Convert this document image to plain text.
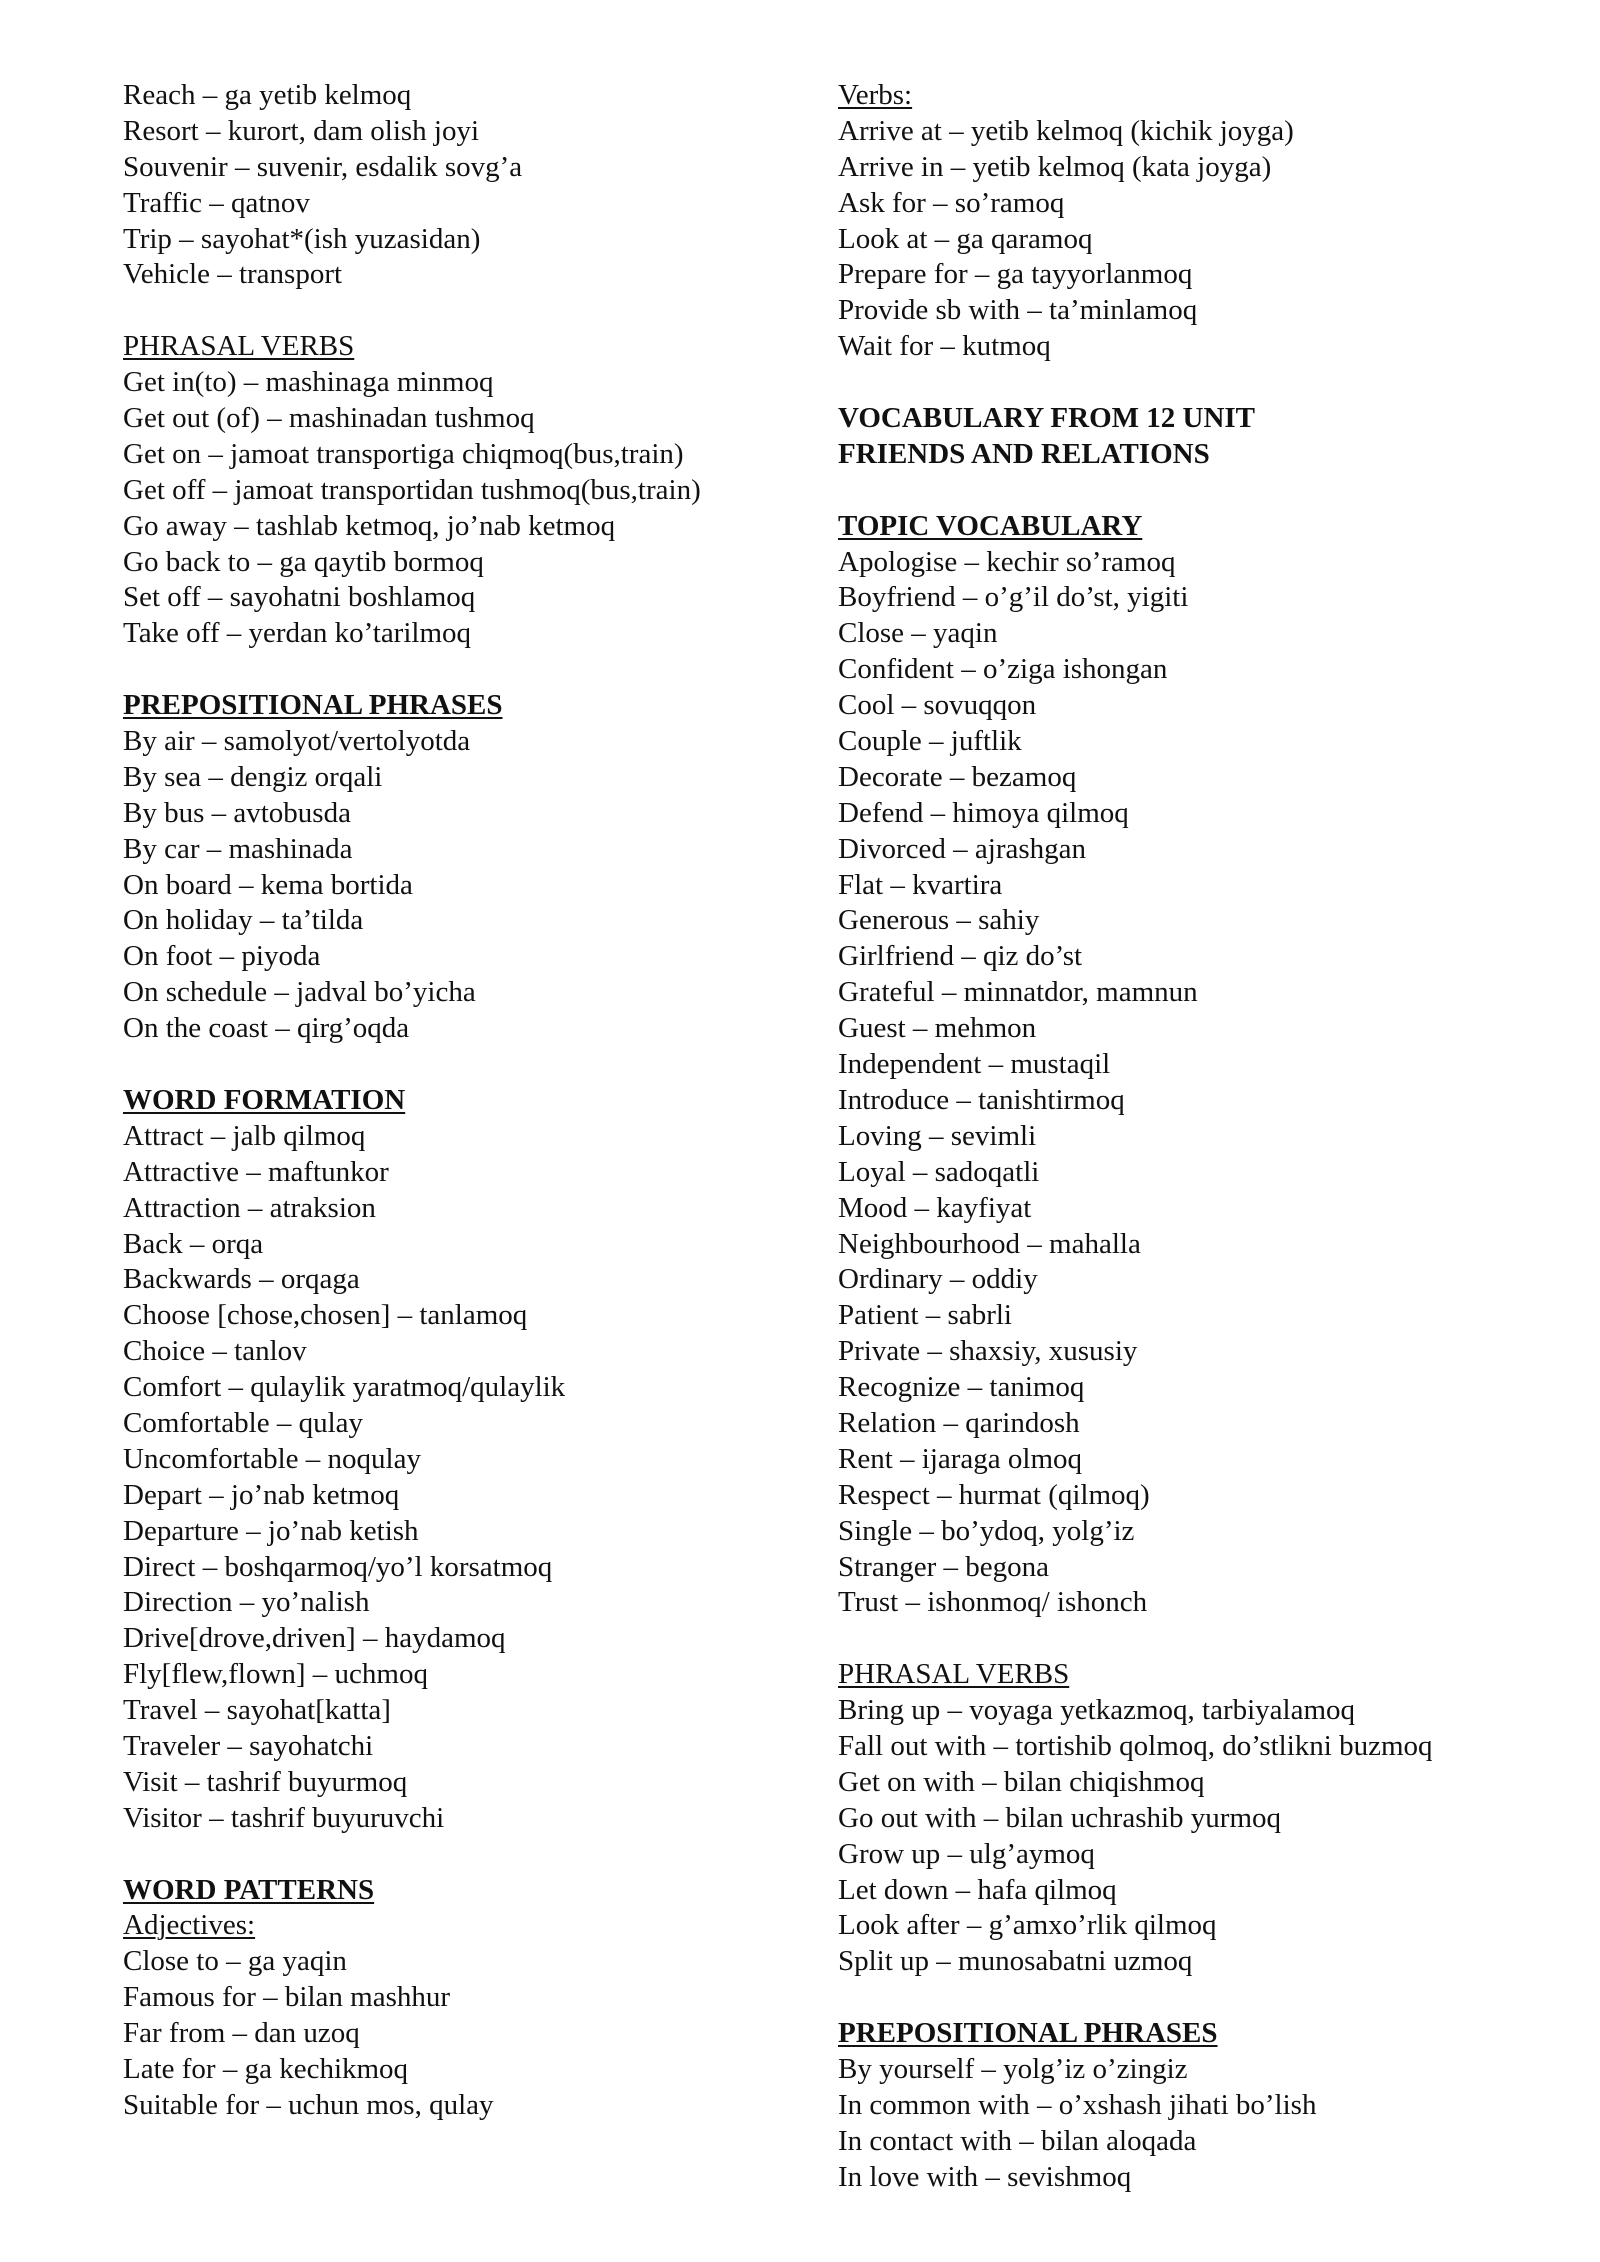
Reach – ga yetib kelmoq
Resort – kurort, dam olish joyi
Souvenir – suvenir, esdalik sovg’a
Traffic – qatnov
Trip – sayohat*(ish yuzasidan)
Vehicle – transport
PHRASAL VERBS
Get in(to) – mashinaga minmoq
Get out (of) – mashinadan tushmoq
Get on – jamoat transportiga chiqmoq(bus,train)
Get off – jamoat transportidan tushmoq(bus,train)
Go away – tashlab ketmoq, jo’nab ketmoq
Go back to – ga qaytib bormoq
Set off – sayohatni boshlamoq
Take off – yerdan ko’tarilmoq
PREPOSITIONAL PHRASES
By air – samolyot/vertolyotda
By sea – dengiz orqali
By bus – avtobusda
By car – mashinada
On board – kema bortida
On holiday – ta’tilda
On foot – piyoda
On schedule – jadval bo’yicha
On the coast – qirg’oqda
WORD FORMATION
Attract – jalb qilmoq
Attractive – maftunkor
Attraction – atraksion
Back – orqa
Backwards – orqaga
Choose [chose,chosen] – tanlamoq
Choice – tanlov
Comfort – qulaylik yaratmoq/qulaylik
Comfortable – qulay
Uncomfortable – noqulay
Depart – jo’nab ketmoq
Departure – jo’nab ketish
Direct – boshqarmoq/yo’l korsatmoq
Direction – yo’nalish
Drive[drove,driven] – haydamoq
Fly[flew,flown] – uchmoq
Travel – sayohat[katta]
Traveler – sayohatchi
Visit – tashrif buyurmoq
Visitor – tashrif buyuruvchi
WORD PATTERNS
Adjectives:
Close to – ga yaqin
Famous for – bilan mashhur
Far from – dan uzoq
Late for – ga kechikmoq
Suitable for – uchun mos, qulay
Verbs:
Arrive at – yetib kelmoq (kichik joyga)
Arrive in – yetib kelmoq (kata joyga)
Ask for – so’ramoq
Look at – ga qaramoq
Prepare for – ga tayyorlanmoq
Provide sb with – ta’minlamoq
Wait for – kutmoq
VOCABULARY FROM 12 UNIT
FRIENDS AND RELATIONS
TOPIC VOCABULARY
Apologise – kechir so’ramoq
Boyfriend – o’g’il do’st, yigiti
Close – yaqin
Confident – o’ziga ishongan
Cool – sovuqqon
Couple – juftlik
Decorate – bezamoq
Defend – himoya qilmoq
Divorced – ajrashgan
Flat – kvartira
Generous – sahiy
Girlfriend – qiz do’st
Grateful – minnatdor, mamnun
Guest – mehmon
Independent – mustaqil
Introduce – tanishtirmoq
Loving – sevimli
Loyal – sadoqatli
Mood – kayfiyat
Neighbourhood – mahalla
Ordinary – oddiy
Patient – sabrli
Private – shaxsiy, xususiy
Recognize – tanimoq
Relation – qarindosh
Rent – ijaraga olmoq
Respect – hurmat (qilmoq)
Single – bo’ydoq, yolg’iz
Stranger – begona
Trust – ishonmoq/ ishonch
PHRASAL VERBS
Bring up – voyaga yetkazmoq, tarbiyalamoq
Fall out with – tortishib qolmoq, do’stlikni buzmoq
Get on with – bilan chiqishmoq
Go out with – bilan uchrashib yurmoq
Grow up – ulg’aymoq
Let down – hafa qilmoq
Look after – g’amxo’rlik qilmoq
Split up – munosabatni uzmoq
PREPOSITIONAL PHRASES
By yourself – yolg’iz o’zingiz
In common with – o’xshash jihati bo’lish
In contact with – bilan aloqada
In love with – sevishmoq
